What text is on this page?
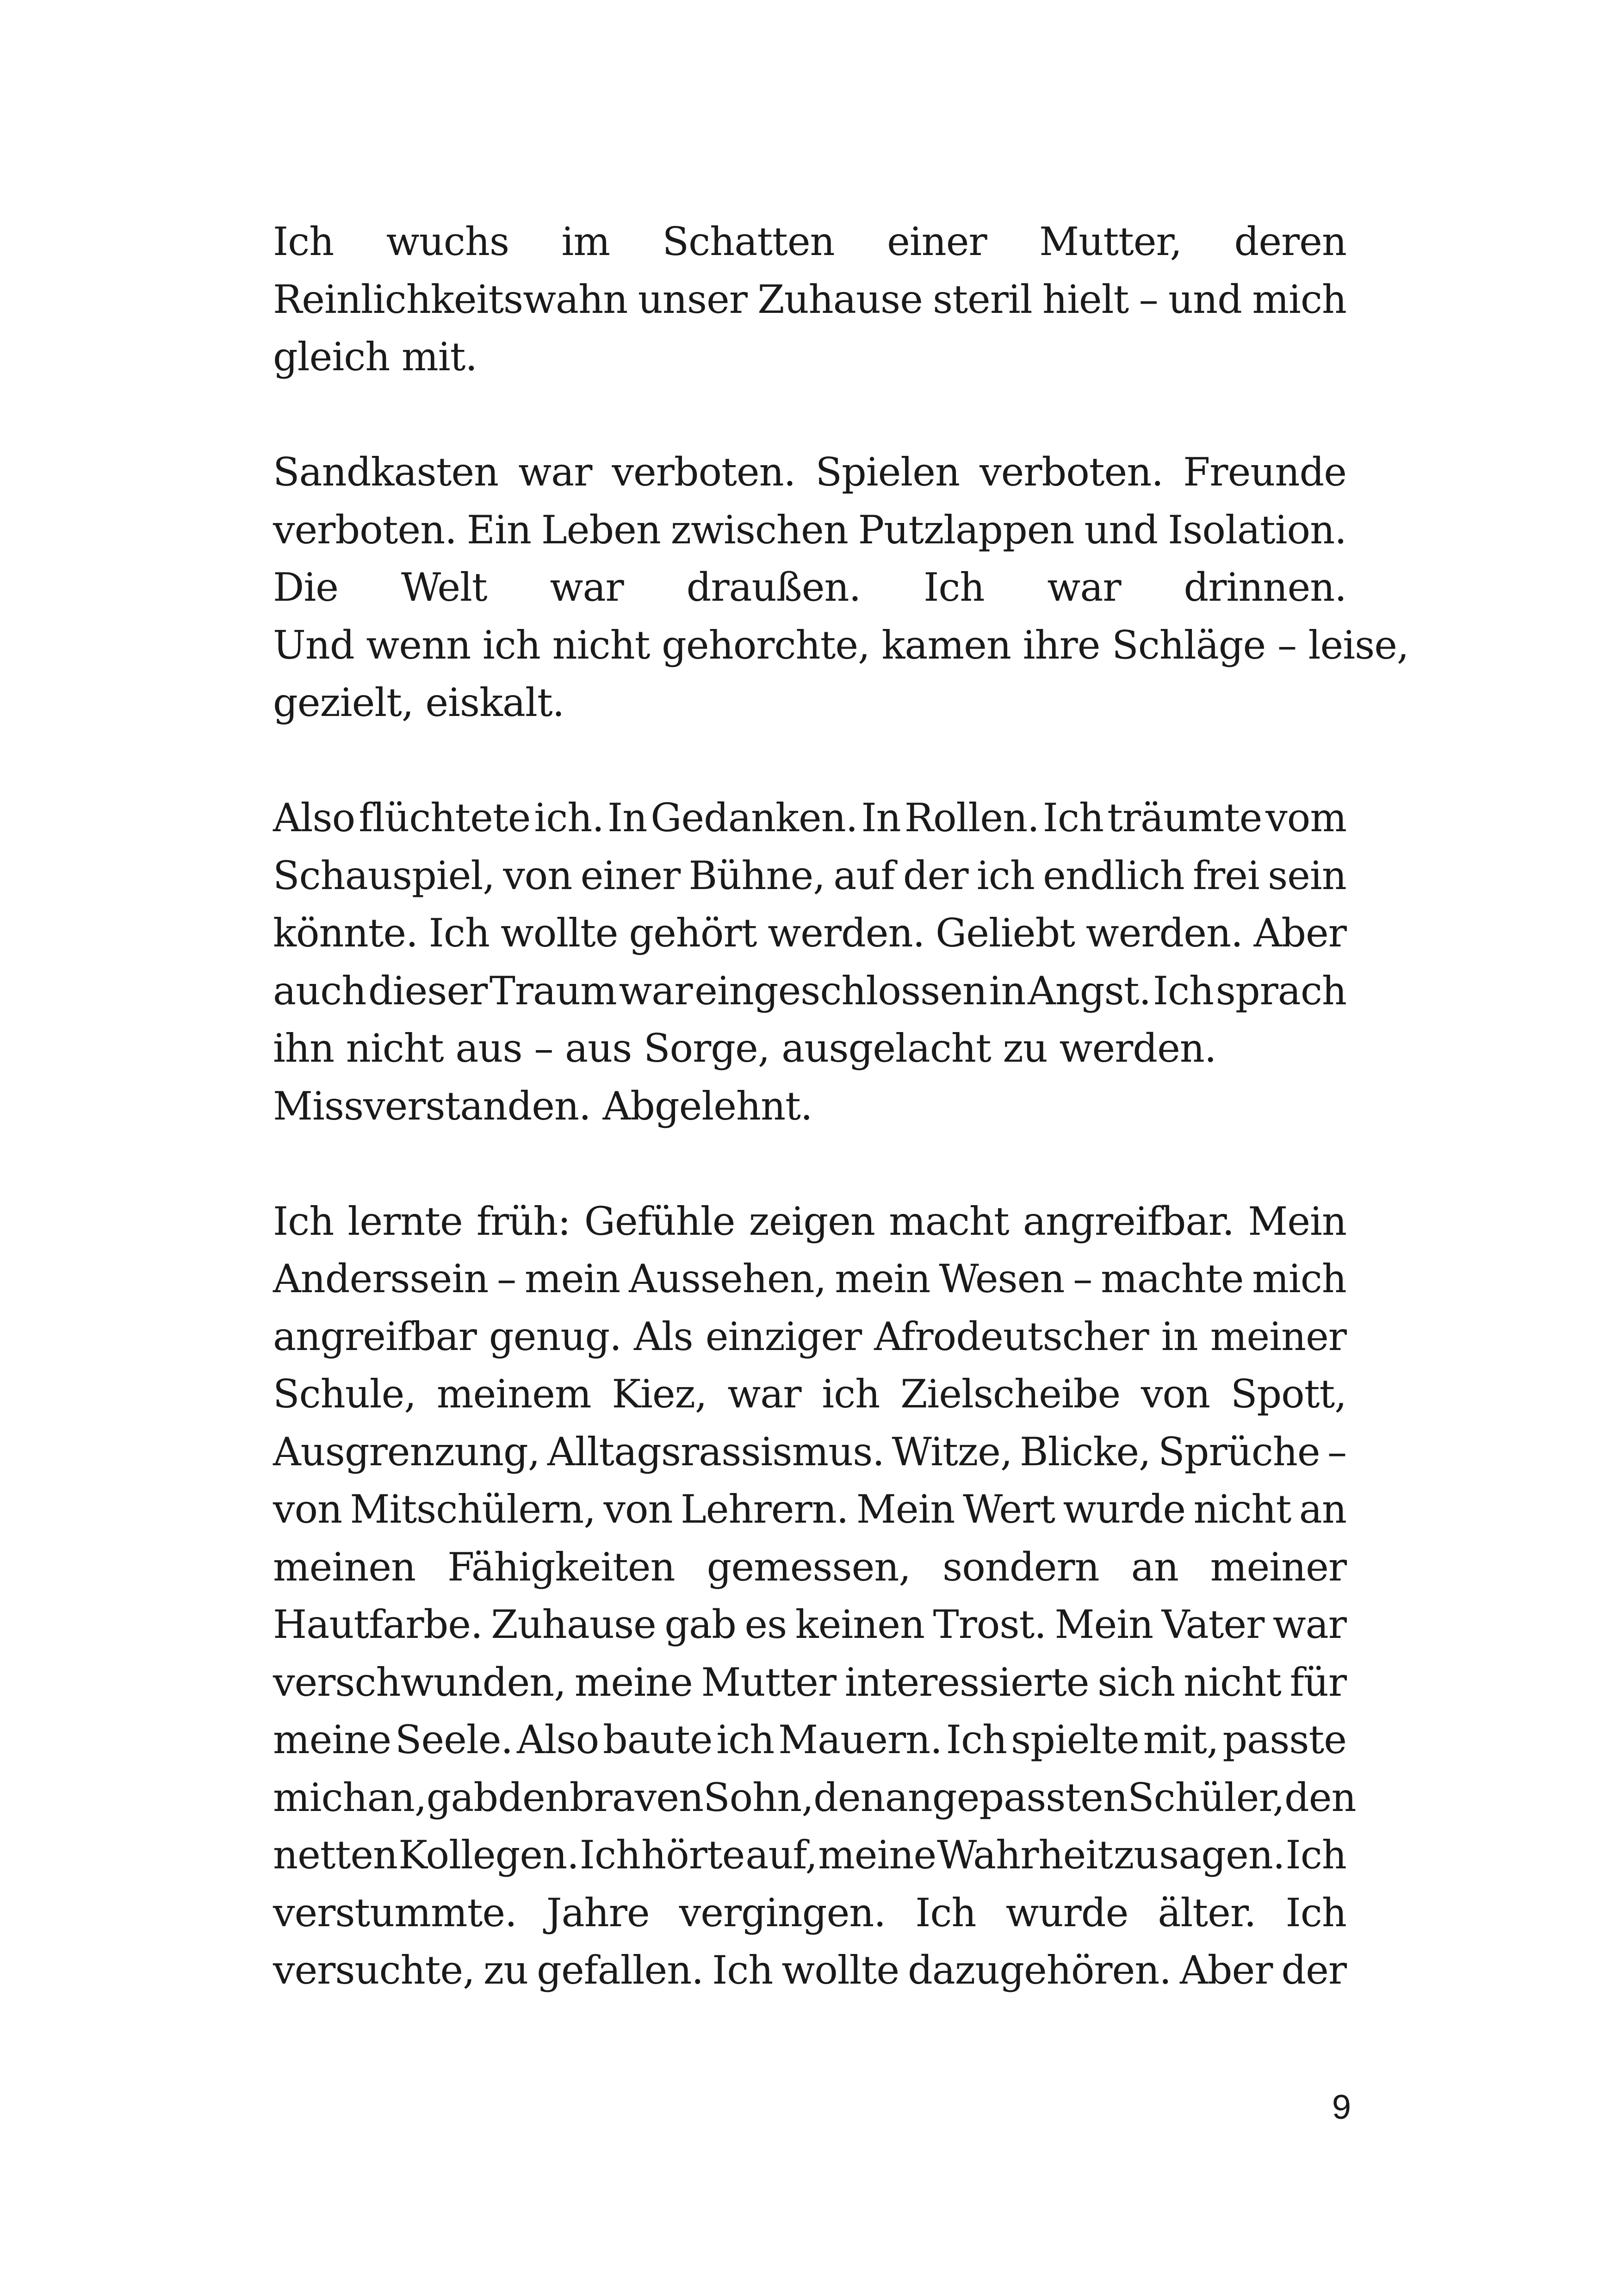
Ich wuchs im Schatten einer Mutter, deren
Reinlichkeitswahn unser Zuhause steril hielt – und mich
gleich mit.
Sandkasten war verboten. Spielen verboten. Freunde
verboten. Ein Leben zwischen Putzlappen und Isolation.
Die Welt war draußen. Ich war drinnen.
Und wenn ich nicht gehorchte, kamen ihre Schläge – leise,
gezielt, eiskalt.
Also flüchtete ich. In Gedanken. In Rollen. Ich träumte vom
Schauspiel, von einer Bühne, auf der ich endlich frei sein
könnte. Ich wollte gehört werden. Geliebt werden. Aber
auch dieser Traum war eingeschlossen in Angst. Ich sprach
ihn nicht aus – aus Sorge, ausgelacht zu werden.
Missverstanden. Abgelehnt.
Ich lernte früh: Gefühle zeigen macht angreifbar. Mein
Anderssein – mein Aussehen, mein Wesen – machte mich
angreifbar genug. Als einziger Afrodeutscher in meiner
Schule, meinem Kiez, war ich Zielscheibe von Spott,
Ausgrenzung, Alltagsrassismus. Witze, Blicke, Sprüche –
von Mitschülern, von Lehrern. Mein Wert wurde nicht an
meinen Fähigkeiten gemessen, sondern an meiner
Hautfarbe. Zuhause gab es keinen Trost. Mein Vater war
verschwunden, meine Mutter interessierte sich nicht für
meine Seele. Also baute ich Mauern. Ich spielte mit, passte
mich an, gab den braven Sohn, den angepassten Schüler, den
netten Kollegen. Ich hörte auf, meine Wahrheit zu sagen. Ich
verstummte. Jahre vergingen. Ich wurde älter. Ich
versuchte, zu gefallen. Ich wollte dazugehören. Aber der
9
